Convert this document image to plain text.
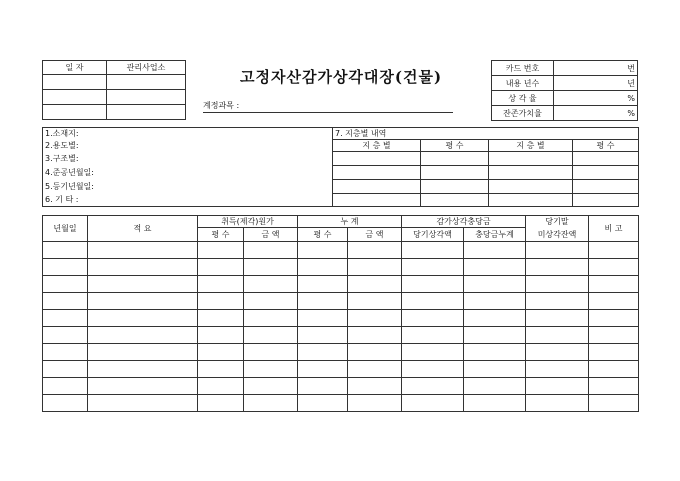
일 자	관리사업소

고정자산감가상각대장(건물)
계정과목 :
카드 번호	번
내용 년수	년
상 각 율	%
잔존가치율	%
1.소재지:	7. 지층별 내역			
2.용도별:	지 층 별	평 수	지 층 별	평 수
3.구조별:				
4.준공년월일:				
5.등기년월일:				
6. 기 타 :				
년월일	적 요	취득(제각)원가		누 계		감가상각충당금		당기말	비 고
		평 수	금 액	평 수	금 액	당기상각액	충당금누계	미상각잔액	
